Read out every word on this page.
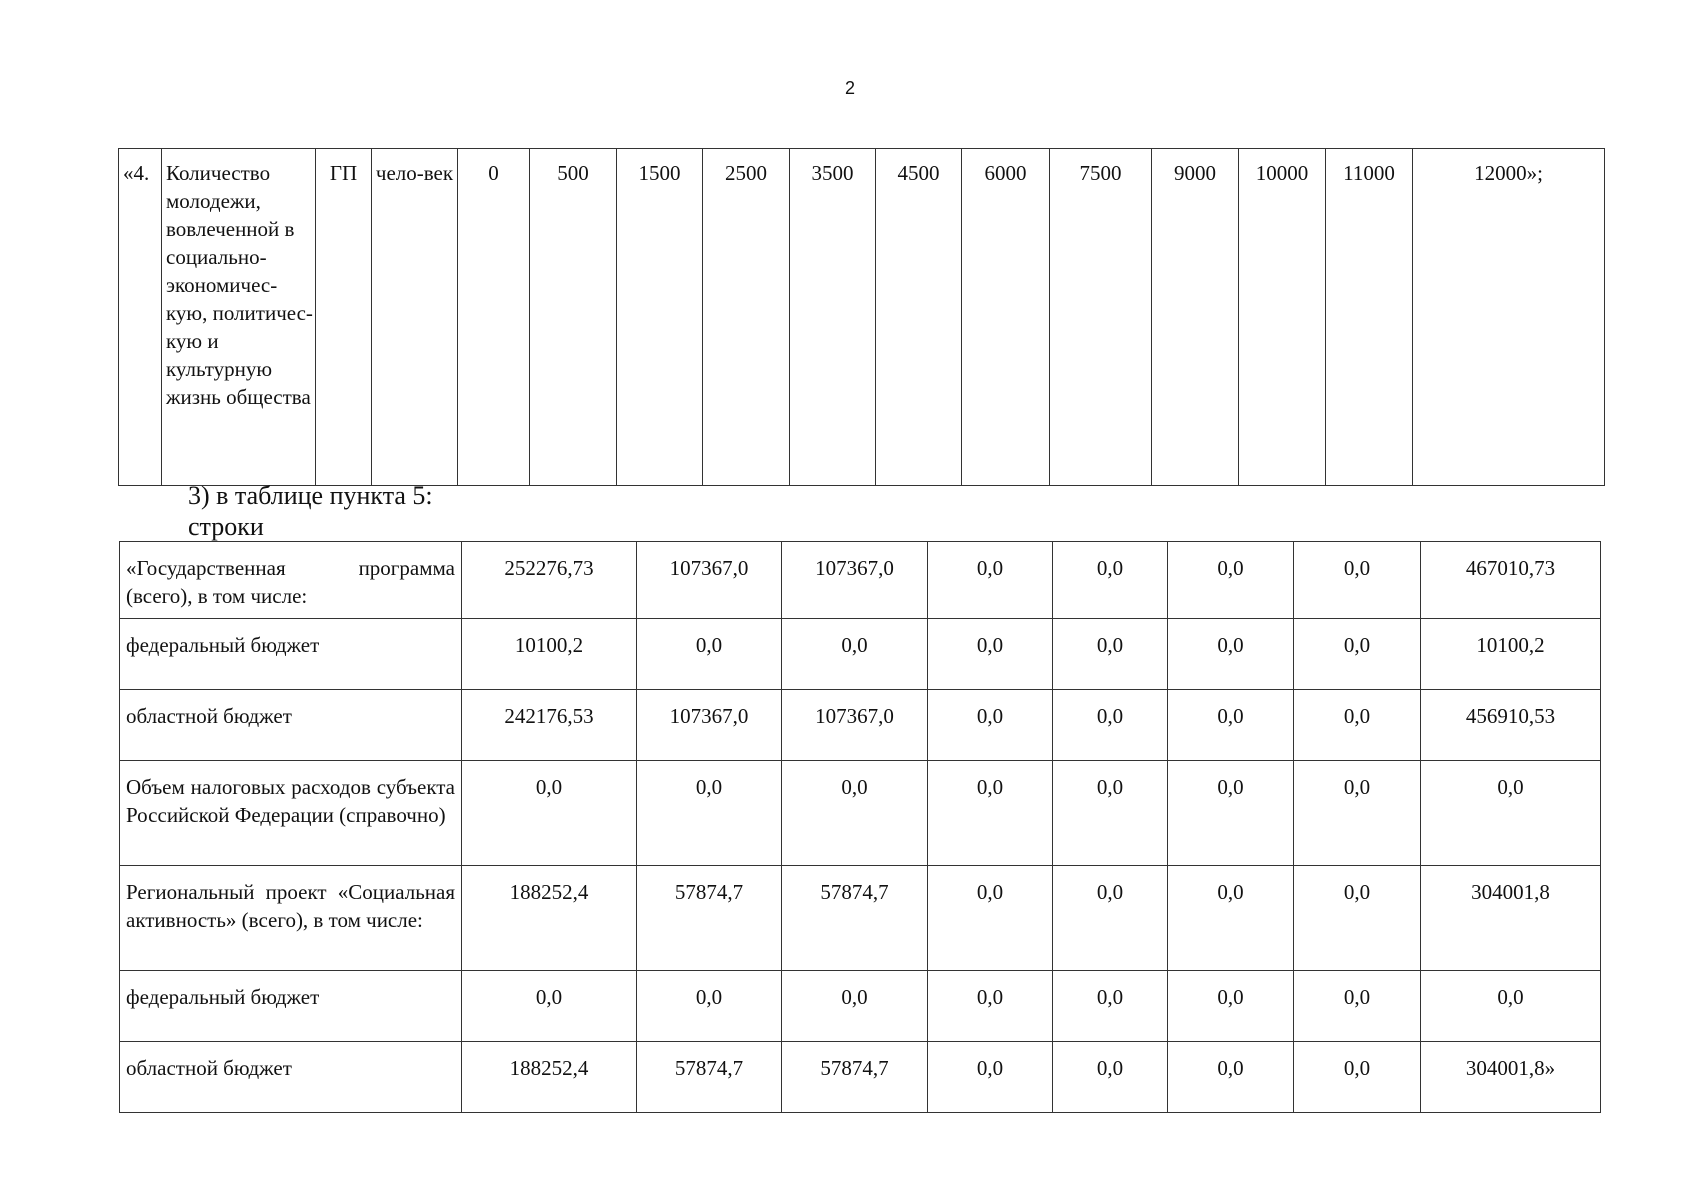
2
«4.	Количество молодежи, вовлеченной в социально-экономичес-кую, политичес-кую и культурную жизнь общества	ГП	чело-век	0	500	1500	2500	3500	4500	6000	7500	9000	10000	11000	12000»;
3) в таблице пункта 5:
строки
«Государственная программа (всего), в том числе:	252276,73	107367,0	107367,0	0,0	0,0	0,0	0,0	467010,73
федеральный бюджет	10100,2	0,0	0,0	0,0	0,0	0,0	0,0	10100,2
областной бюджет	242176,53	107367,0	107367,0	0,0	0,0	0,0	0,0	456910,53
Объем налоговых расходов субъекта Российской Федерации (справочно)	0,0	0,0	0,0	0,0	0,0	0,0	0,0	0,0
Региональный проект «Социальная активность» (всего), в том числе:	188252,4	57874,7	57874,7	0,0	0,0	0,0	0,0	304001,8
федеральный бюджет	0,0	0,0	0,0	0,0	0,0	0,0	0,0	0,0
областной бюджет	188252,4	57874,7	57874,7	0,0	0,0	0,0	0,0	304001,8»
